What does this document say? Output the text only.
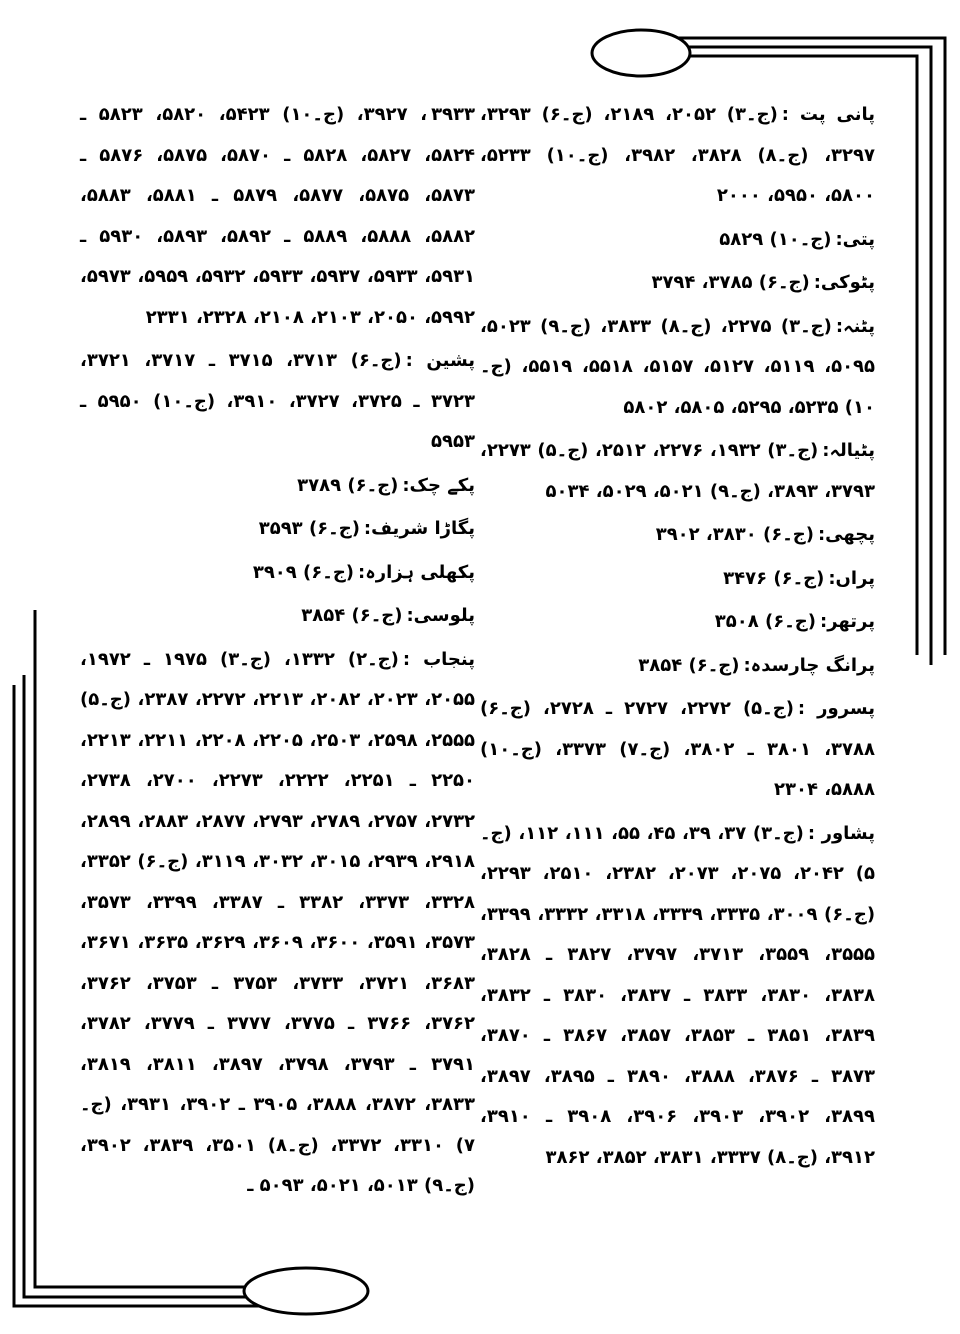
پانی پت :(ج۔۳) ۲۰۵۲، ۲۱۸۹، (ج۔۶) ۳۲۹۳، ۳۲۹۷، (ج۔۸) ۳۸۲۸، ۳۹۸۲، (ج۔۱۰) ۵۲۳۳، ۵۸۰۰، ۵۹۵۰، ۲۰۰۰

پتی:(ج۔۱۰) ۵۸۲۹

پٹوکی:(ج۔۶) ۳۷۸۵، ۳۷۹۴

پٹنہ:(ج۔۳) ۲۲۷۵، (ج۔۸) ۳۸۳۳، (ج۔۹) ۵۰۲۳، ۵۰۹۵، ۵۱۱۹، ۵۱۲۷، ۵۱۵۷، ۵۵۱۸، ۵۵۱۹، (ج۔۱۰) ۵۲۳۵، ۵۲۹۵، ۵۸۰۵، ۵۸۰۲

پٹیالہ:(ج۔۳) ۱۹۳۲، ۲۲۷۶، ۲۵۱۲، (ج۔۵) ۲۲۷۳، ۳۷۹۳، ۳۸۹۳، (ج۔۹) ۵۰۲۱، ۵۰۲۹، ۵۰۳۴

پچھی:(ج۔۶) ۳۸۳۰، ۳۹۰۲

پراں:(ج۔۶) ۳۴۷۶

پرتھر:(ج۔۶) ۳۵۰۸

پرانگ چارسدہ:(ج۔۶) ۳۸۵۴

پسرور :(ج۔۵) ۲۲۷۲، ۲۷۲۷ ـ ۲۷۲۸، (ج۔۶) ۳۷۸۸، ۳۸۰۱ ـ ۳۸۰۲، (ج۔۷) ۳۳۷۳، (ج۔۱۰) ۵۸۸۸، ۲۳۰۴

پشاور :(ج۔۳) ۳۷، ۳۹، ۴۵، ۵۵، ۱۱۱، ۱۱۲، (ج۔۵) ۲۰۴۲، ۲۰۷۵، ۲۰۷۳، ۲۳۸۲، ۲۵۱۰، ۲۲۹۳، (ج۔۶) ۳۰۰۹، ۳۳۳۵، ۳۳۳۹، ۳۳۱۸، ۳۳۳۲، ۳۳۹۹، ۳۵۵۵، ۳۵۵۹، ۳۷۱۳، ۳۷۹۷، ۳۸۲۷ ـ ۳۸۲۸، ۳۸۳۸، ۳۸۳۰، ۳۸۳۳ ـ ۳۸۳۷، ۳۸۳۰ ـ ۳۸۳۲، ۳۸۳۹، ۳۸۵۱ ـ ۳۸۵۳، ۳۸۵۷، ۳۸۶۷ ـ ۳۸۷۰، ۳۸۷۳ ـ ۳۸۷۶، ۳۸۸۸، ۳۸۹۰ ـ ۳۸۹۵، ۳۸۹۷، ۳۸۹۹، ۳۹۰۲، ۳۹۰۳، ۳۹۰۶، ۳۹۰۸ ـ ۳۹۱۰، ۳۹۱۲، (ج۔۸) ۳۳۳۷، ۳۸۳۱، ۳۸۵۲، ۳۸۶۲

۳۹۳۳، ۳۹۲۷، (ج۔۱۰) ۵۴۲۳، ۵۸۲۰، ۵۸۲۳ ـ ۵۸۲۴، ۵۸۲۷، ۵۸۲۸ ـ ۵۸۷۰، ۵۸۷۵، ۵۸۷۶ ـ ۵۸۷۳، ۵۸۷۵، ۵۸۷۷، ۵۸۷۹ ـ ۵۸۸۱، ۵۸۸۳، ۵۸۸۲، ۵۸۸۸، ۵۸۸۹ ـ ۵۸۹۲، ۵۸۹۳، ۵۹۳۰ ـ ۵۹۳۱، ۵۹۳۳، ۵۹۳۷، ۵۹۳۳، ۵۹۳۲، ۵۹۵۹، ۵۹۷۳، ۵۹۹۲، ۲۰۵۰، ۲۱۰۳، ۲۱۰۸، ۲۳۲۸، ۲۳۳۱

پشین :(ج۔۶) ۳۷۱۳، ۳۷۱۵ ـ ۳۷۱۷، ۳۷۲۱، ۳۷۲۳ ـ ۳۷۲۵، ۳۷۲۷، ۳۹۱۰، (ج۔۱۰) ۵۹۵۰ ـ ۵۹۵۳

پکے چک:(ج۔۶) ۳۷۸۹

پگاڑا شریف:(ج۔۶) ۳۵۹۳

پکھلی ہزارہ:(ج۔۶) ۳۹۰۹

پلوسی:(ج۔۶) ۳۸۵۴

پنجاب :(ج۔۲) ۱۳۳۲، (ج۔۳) ۱۹۷۵ ـ ۱۹۷۲، ۲۰۵۵، ۲۰۲۳، ۲۰۸۲، ۲۲۱۳، ۲۲۷۲، ۲۳۸۷، (ج۔۵) ۲۵۵۵، ۲۵۹۸، ۲۵۰۳، ۲۲۰۵، ۲۲۰۸، ۲۲۱۱، ۲۲۱۳، ۲۲۵۰ ـ ۲۲۵۱، ۲۲۲۲، ۲۲۷۳، ۲۷۰۰، ۲۷۳۸، ۲۷۳۲، ۲۷۵۷، ۲۷۸۹، ۲۷۹۳، ۲۸۷۷، ۲۸۸۳، ۲۸۹۹، ۲۹۱۸، ۲۹۳۹، ۳۰۱۵، ۳۰۳۲، ۳۱۱۹، (ج۔۶) ۳۳۵۲، ۳۳۲۸، ۳۳۷۳، ۳۳۸۲ ـ ۳۳۸۷، ۳۳۹۹، ۳۵۷۳، ۳۵۷۳، ۳۵۹۱، ۳۶۰۰، ۳۶۰۹، ۳۶۲۹، ۳۶۳۵، ۳۶۷۱، ۳۶۸۳، ۳۷۲۱، ۳۷۳۳، ۳۷۵۳ ـ ۳۷۵۳، ۳۷۶۲، ۳۷۶۲، ۳۷۶۶ ـ ۳۷۷۵، ۳۷۷۷ ـ ۳۷۷۹، ۳۷۸۲، ۳۷۹۱ ـ ۳۷۹۳، ۳۷۹۸، ۳۸۹۷، ۳۸۱۱، ۳۸۱۹، ۳۸۳۳، ۳۸۷۲، ۳۸۸۸، ۳۹۰۵ ـ ۳۹۰۲، ۳۹۳۱، (ج۔۷) ۳۳۱۰، ۳۳۷۲، (ج۔۸) ۳۵۰۱، ۳۸۳۹، ۳۹۰۲، (ج۔۹) ۵۰۱۳، ۵۰۲۱، ۵۰۹۳ ـ
